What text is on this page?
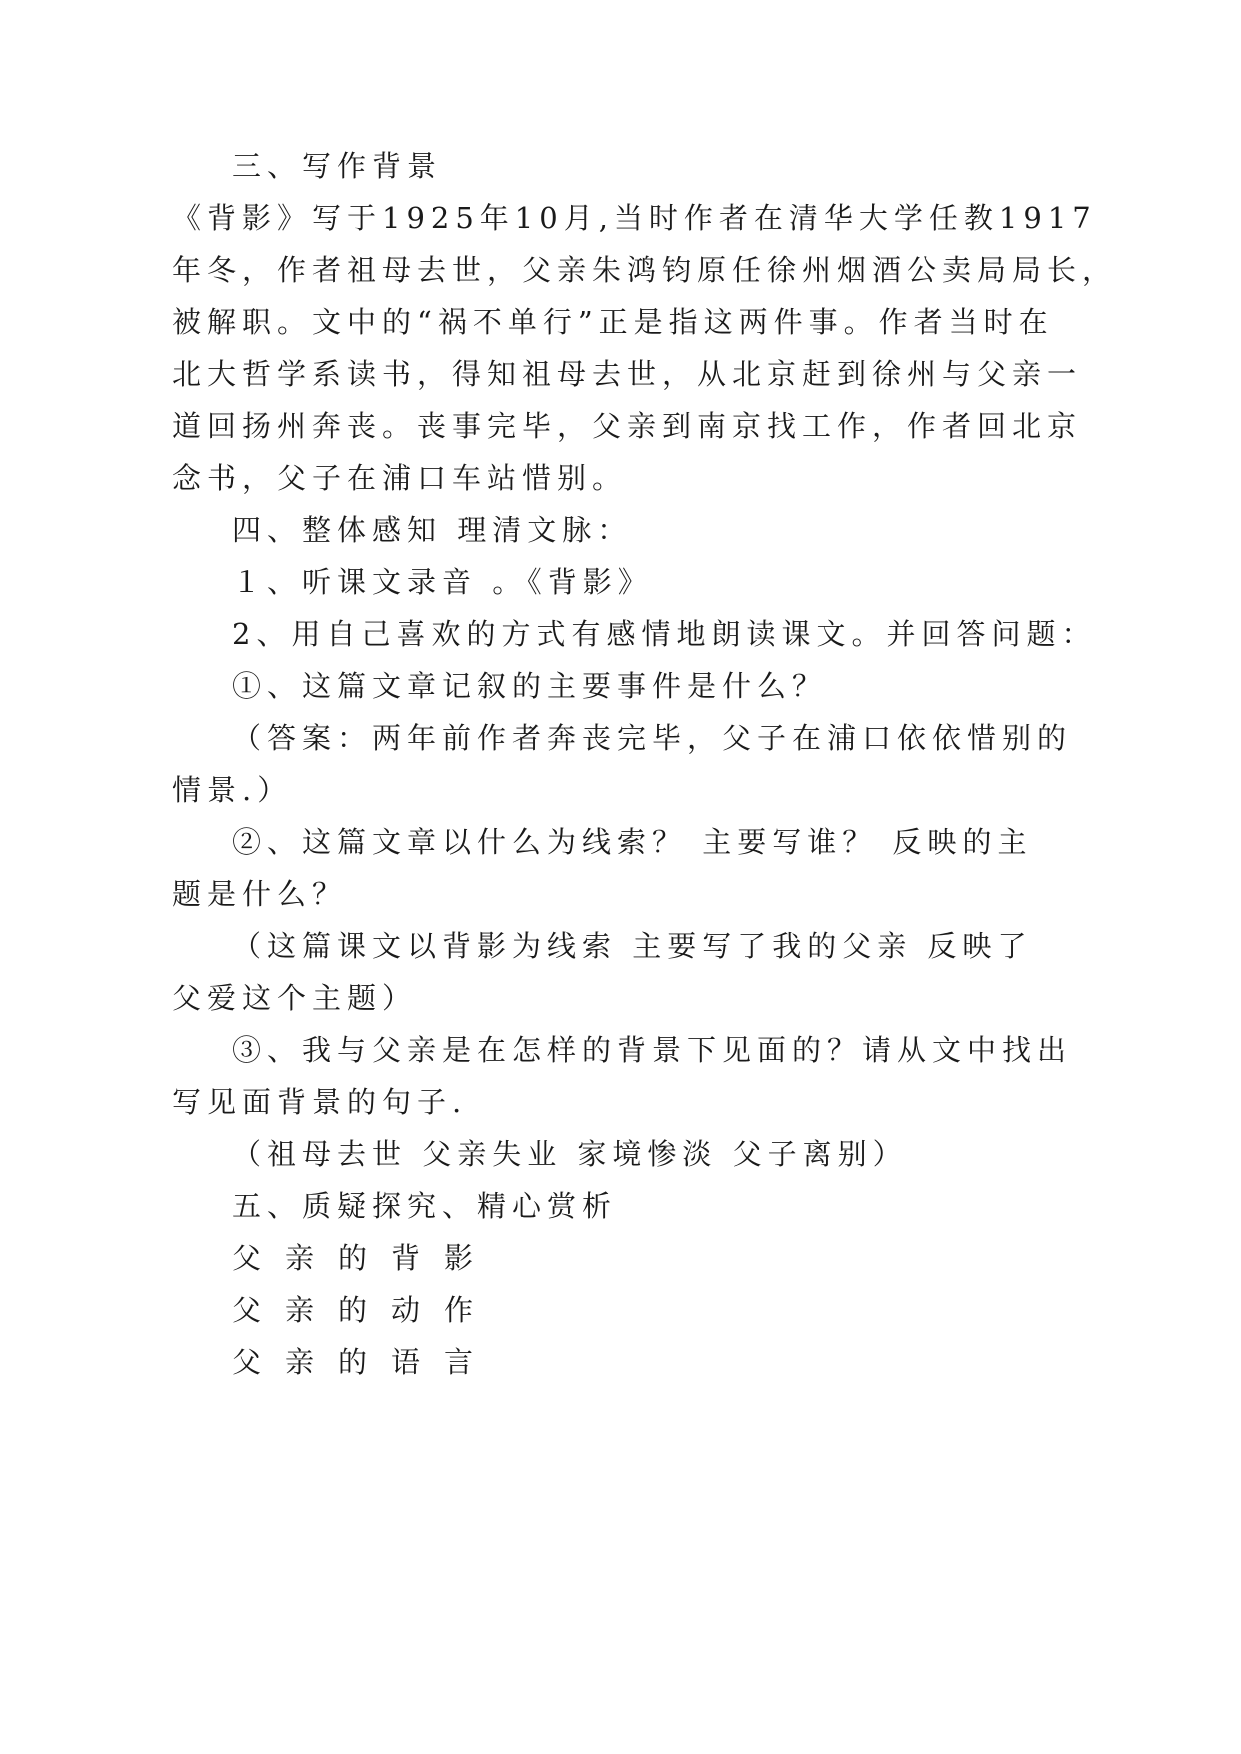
三、写作背景
《背影》写于1925年10月,当时作者在清华大学任教1917
年冬，作者祖母去世，父亲朱鸿钧原任徐州烟酒公卖局局长，
被解职。文中的“祸不单行”正是指这两件事。作者当时在
北大哲学系读书，得知祖母去世，从北京赶到徐州与父亲一
道回扬州奔丧。丧事完毕，父亲到南京找工作，作者回北京
念书，父子在浦口车站惜别。
四、整体感知 理清文脉：
１、听课文录音 。《背影》
2、用自己喜欢的方式有感情地朗读课文。并回答问题：
①、这篇文章记叙的主要事件是什么？
（答案：两年前作者奔丧完毕，父子在浦口依依惜别的
情景.）
②、这篇文章以什么为线索？ 主要写谁？ 反映的主
题是什么？
（这篇课文以背影为线索 主要写了我的父亲 反映了
父爱这个主题）
③、我与父亲是在怎样的背景下见面的？请从文中找出
写见面背景的句子.
（祖母去世 父亲失业 家境惨淡 父子离别）
五、质疑探究、精心赏析
父亲的背影
父亲的动作
父亲的语言
